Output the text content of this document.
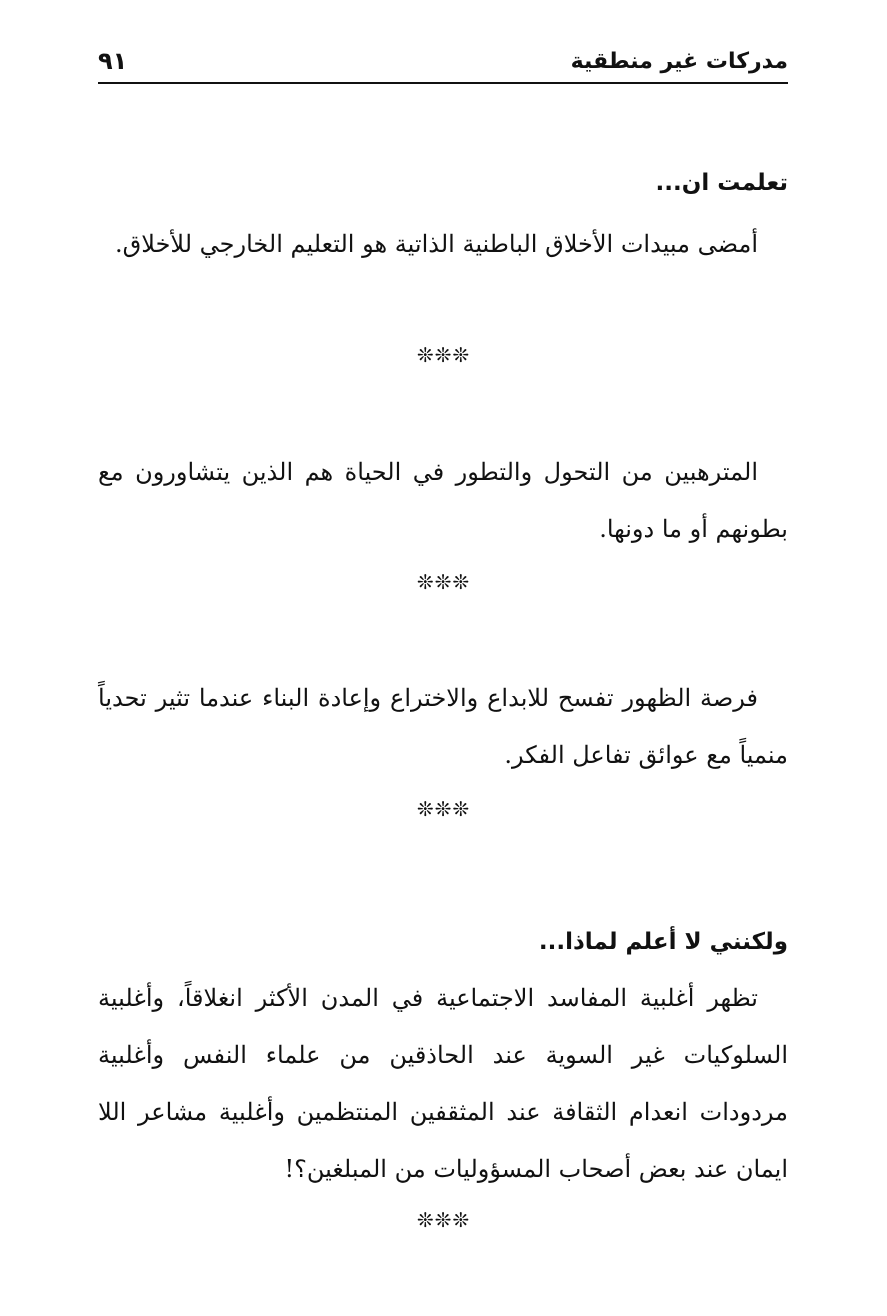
مدركات غير منطقية
٩١
تعلمت ان...

أمضى مبيدات الأخلاق الباطنية الذاتية هو التعليم الخارجي للأخلاق.

❊❊❊

المترهبين من التحول والتطور في الحياة هم الذين يتشاورون مع بطونهم أو ما دونها.

❊❊❊

فرصة الظهور تفسح للابداع والاختراع وإعادة البناء عندما تثير تحدياً منمياً مع عوائق تفاعل الفكر.

❊❊❊
ولكنني لا أعلم لماذا...

تظهر أغلبية المفاسد الاجتماعية في المدن الأكثر انغلاقاً، وأغلبية السلوكيات غير السوية عند الحاذقين من علماء النفس وأغلبية مردودات انعدام الثقافة عند المثقفين المنتظمين وأغلبية مشاعر اللا ايمان عند بعض أصحاب المسؤوليات من المبلغين؟!

❊❊❊
